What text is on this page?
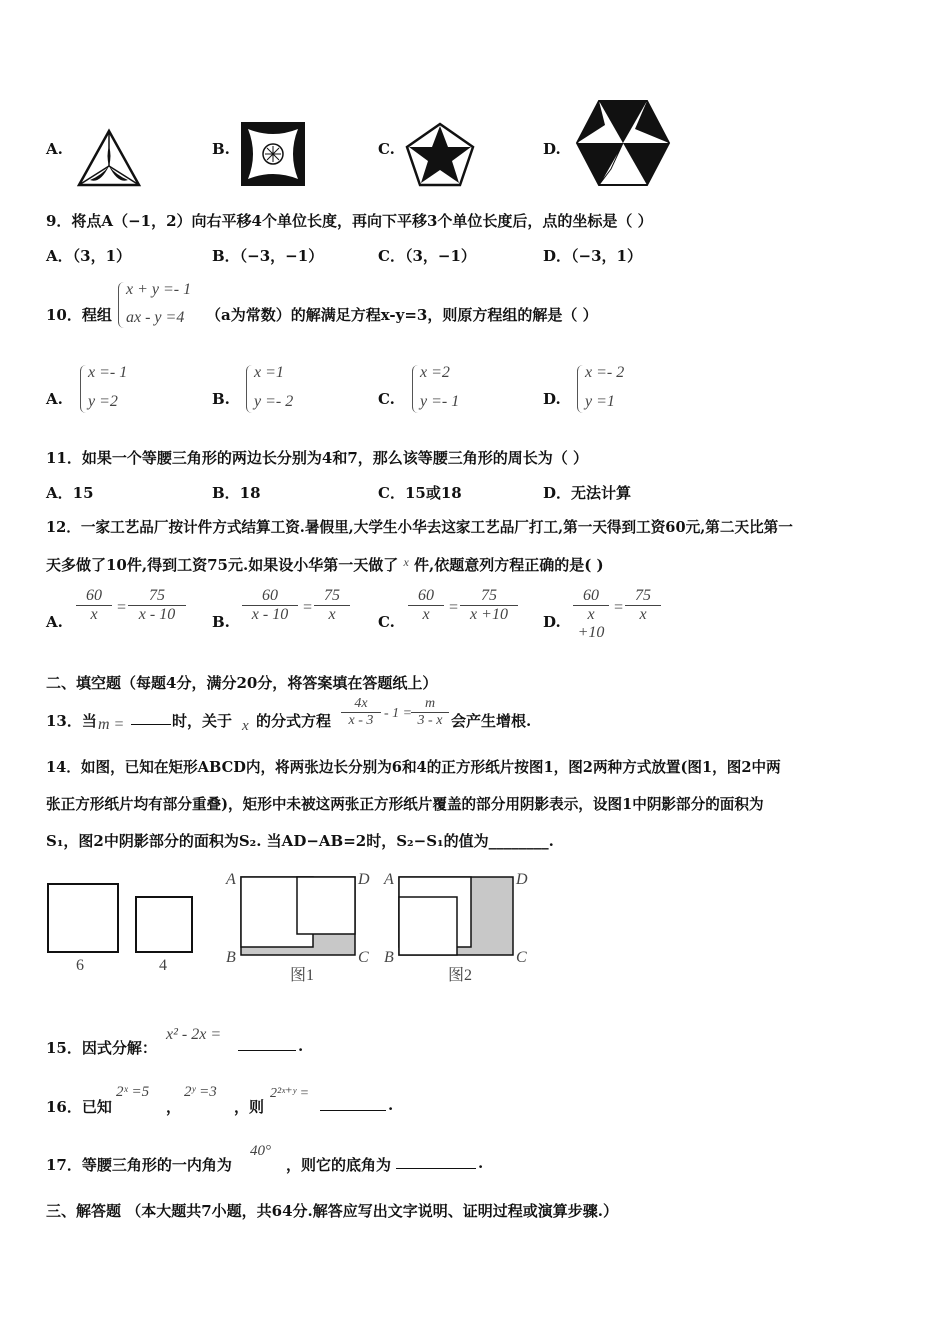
A.	B.	C.	D.
9．将点A（−1，2）向右平移4个单位长度，再向下平移3个单位长度后，点的坐标是（ ）
A．（3，1）	B．（−3，−1）	C．（3，−1）	D．（−3，1）
10．程组
x + y =- 1
ax - y =4 （a为常数）的解满足方程x-y=3，则原方程组的解是（ ）
A.
x =- 1
y =2	B.
x =1
y =- 2	C.
x =2
y =- 1	D.
x =- 2
y =1
11．如果一个等腰三角形的两边长分别为4和7，那么该等腰三角形的周长为（ ）
A．15	B．18	C．15或18	D．无法计算
12．一家工艺品厂按计件方式结算工资.暑假里,大学生小华去这家工艺品厂打工,第一天得到工资60元,第二天比第一
天多做了10件,得到工资75元.如果设小华第一天做了 $^x$ 件,依题意列方程正确的是( )
A. $\frac{60}{x} = \frac{75}{x - 10} B$. $\frac{60}{x - 10} = \frac{75}{x} C$. $\frac{60}{x} = \frac{75}{x +10} D$. $\frac{60}{x +10} = \frac{75}{x}$
二、填空题（每题4分，满分20分，将答案填在答题纸上）
13．当 m =	时，关于 x 的分式方程 $\frac{4x}{x - 3} - 1$ =
$\frac{m}{3 - x}$ 会产生增根.
14．如图，已知在矩形ABCD内，将两张边长分别为6和4的正方形纸片按图1，图2两种方式放置(图1，图2中两
张正方形纸片均有部分重叠)，矩形中未被这两张正方形纸片覆盖的部分用阴影表示，设图1中阴影部分的面积为
S₁，图2中阴影部分的面积为S₂. 当AD−AB=2时，S₂−S₁的值为________.
6	4
A	D
B	C
图1
A	D
B	C
图2
15．因式分解：
x² - 2x =
.
16．已知
2ˣ =5
，
2ʸ =3
，则
2²ˣ⁺ʸ =
.
17．等腰三角形的一内角为
40°
，则它的底角为	.
三、解答题 （本大题共7小题，共64分.解答应写出文字说明、证明过程或演算步骤.）
